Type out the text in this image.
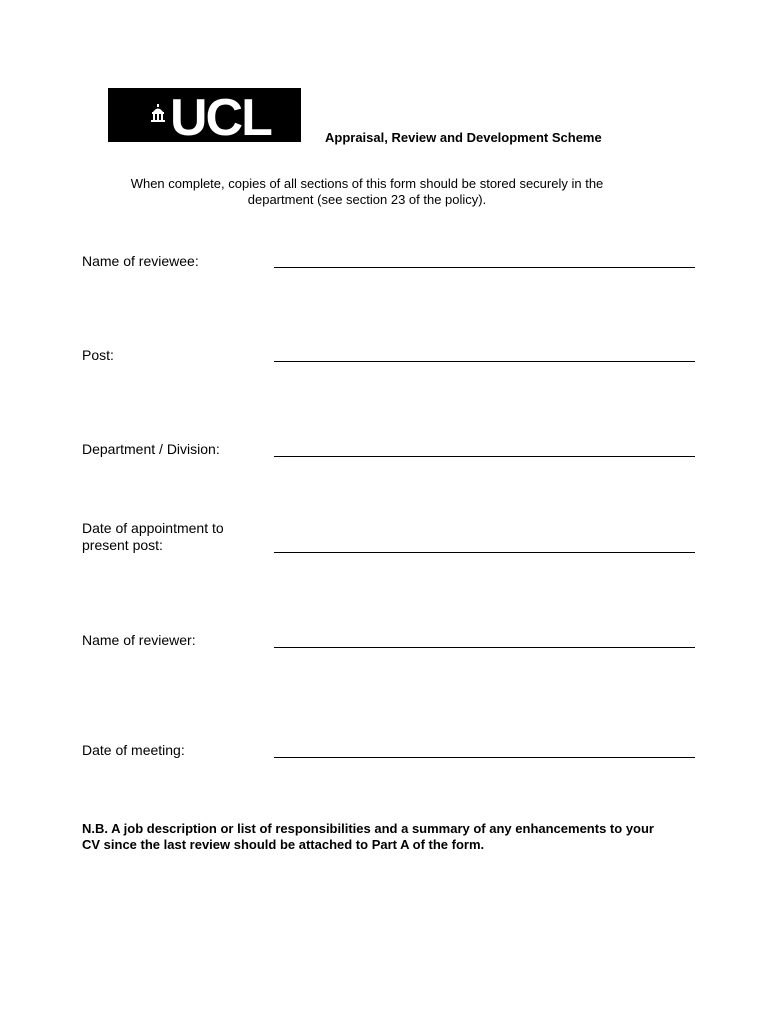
UCL	Appraisal, Review and Development Scheme
When complete, copies of all sections of this form should be stored securely in the department (see section 23 of the policy).
Name of reviewee:
Post:
Department / Division:
Date of appointment to
present post:
Name of reviewer:
Date of meeting:
N.B. A job description or list of responsibilities and a summary of any enhancements to your CV since the last review should be attached to Part A of the form.
